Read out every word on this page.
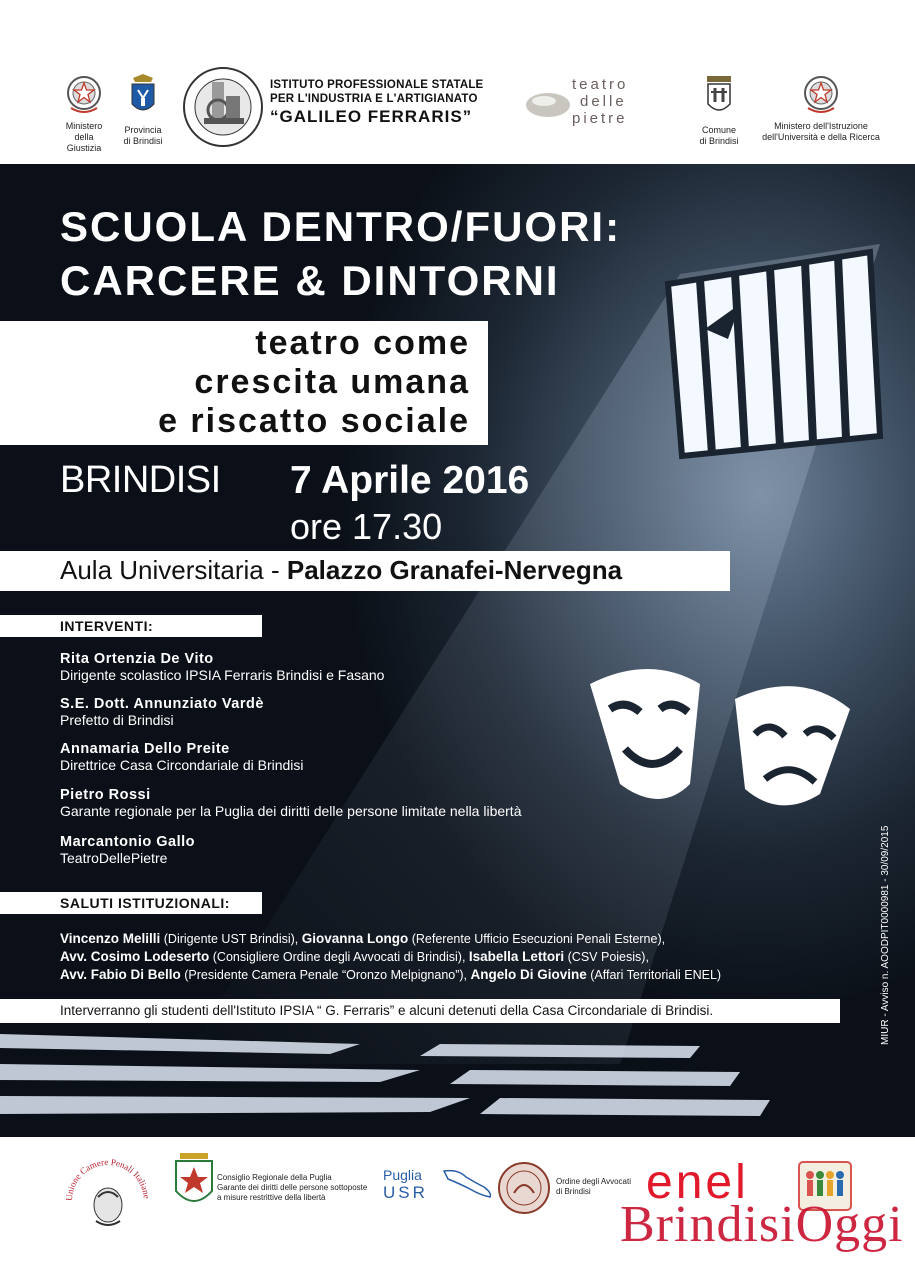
Ministero
della Giustizia
Provincia
di Brindisi
ISTITUTO PROFESSIONALE STATALE
PER L'INDUSTRIA E L'ARTIGIANATO
“GALILEO FERRARIS”
teatro
delle
pietre
Comune
di Brindisi
Ministero dell'Istruzione
dell'Università e della Ricerca
SCUOLA DENTRO/FUORI:
CARCERE & DINTORNI
teatro come
crescita umana
e riscatto sociale
BRINDISI 7 Aprile 2016
ore 17.30
Aula Universitaria - Palazzo Granafei-Nervegna
INTERVENTI:
Rita Ortenzia De Vito
Dirigente scolastico IPSIA Ferraris Brindisi e Fasano
S.E. Dott. Annunziato Vardè
Prefetto di Brindisi
Annamaria Dello Preite
Direttrice Casa Circondariale di Brindisi
Pietro Rossi
Garante regionale per la Puglia dei diritti delle persone limitate nella libertà
Marcantonio Gallo
TeatroDellePietre
SALUTI ISTITUZIONALI:
Vincenzo Melilli (Dirigente UST Brindisi), Giovanna Longo (Referente Ufficio Esecuzioni Penali Esterne),
Avv. Cosimo Lodeserto (Consigliere Ordine degli Avvocati di Brindisi), Isabella Lettori (CSV Poiesis),
Avv. Fabio Di Bello (Presidente Camera Penale “Oronzo Melpignano”), Angelo Di Giovine (Affari Territoriali ENEL)
Interverranno gli studenti dell'Istituto IPSIA “ G. Ferraris” e alcuni detenuti della Casa Circondariale di Brindisi.	MIUR - Avviso n. AOODPIT0000981 - 30/09/2015
Unione Camere Penali Italiane
Consiglio Regionale della Puglia
Garante dei diritti delle persone sottoposte
a misure restrittive della libertà
Puglia
USR
Ordine degli Avvocati
di Brindisi	enel
BrindisiOggi
